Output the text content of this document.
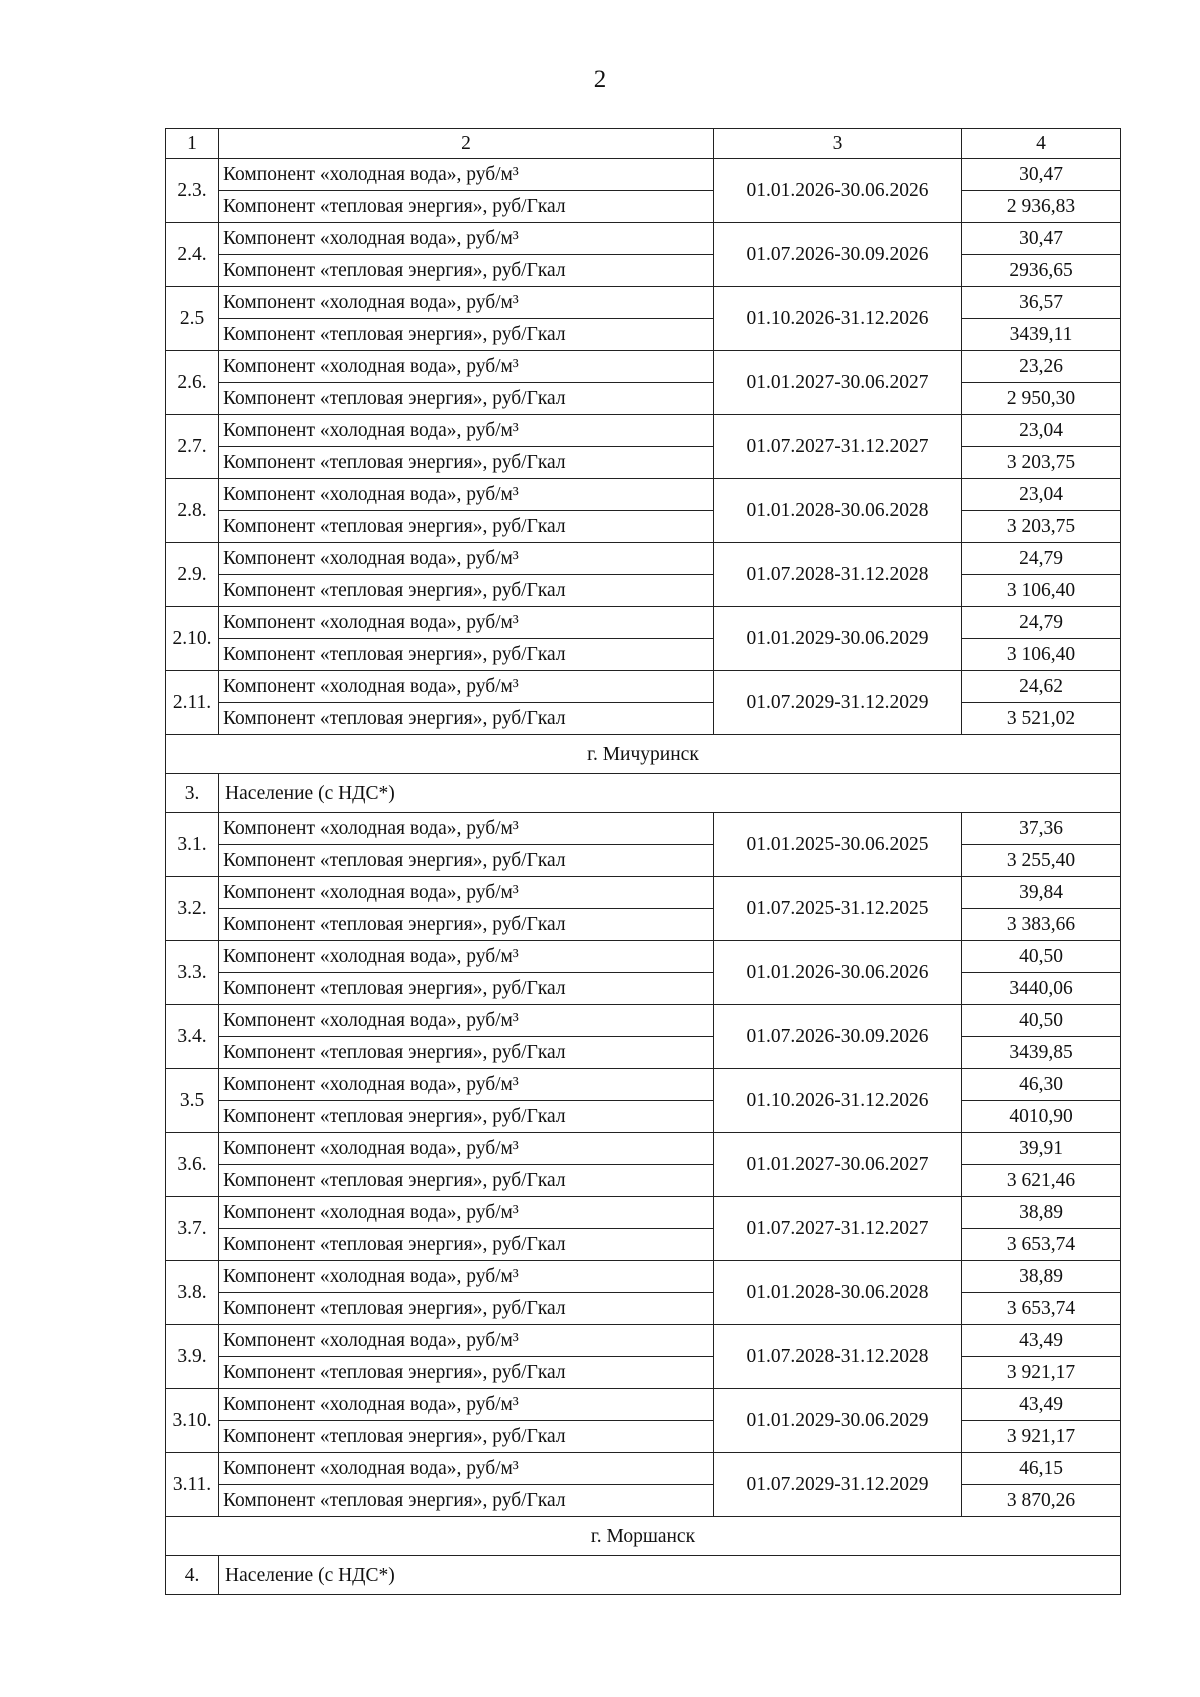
2
1	2	3	4
2.3.	Компонент «холодная вода», руб/м³	01.01.2026-30.06.2026	30,47
	Компонент «тепловая энергия», руб/Гкал		2 936,83
2.4.	Компонент «холодная вода», руб/м³	01.07.2026-30.09.2026	30,47
	Компонент «тепловая энергия», руб/Гкал		2936,65
2.5	Компонент «холодная вода», руб/м³	01.10.2026-31.12.2026	36,57
	Компонент «тепловая энергия», руб/Гкал		3439,11
2.6.	Компонент «холодная вода», руб/м³	01.01.2027-30.06.2027	23,26
	Компонент «тепловая энергия», руб/Гкал		2 950,30
2.7.	Компонент «холодная вода», руб/м³	01.07.2027-31.12.2027	23,04
	Компонент «тепловая энергия», руб/Гкал		3 203,75
2.8.	Компонент «холодная вода», руб/м³	01.01.2028-30.06.2028	23,04
	Компонент «тепловая энергия», руб/Гкал		3 203,75
2.9.	Компонент «холодная вода», руб/м³	01.07.2028-31.12.2028	24,79
	Компонент «тепловая энергия», руб/Гкал		3 106,40
2.10.	Компонент «холодная вода», руб/м³	01.01.2029-30.06.2029	24,79
	Компонент «тепловая энергия», руб/Гкал		3 106,40
2.11.	Компонент «холодная вода», руб/м³	01.07.2029-31.12.2029	24,62
	Компонент «тепловая энергия», руб/Гкал		3 521,02
г. Мичуринск			
3.	Население (с НДС*)		
3.1.	Компонент «холодная вода», руб/м³	01.01.2025-30.06.2025	37,36
	Компонент «тепловая энергия», руб/Гкал		3 255,40
3.2.	Компонент «холодная вода», руб/м³	01.07.2025-31.12.2025	39,84
	Компонент «тепловая энергия», руб/Гкал		3 383,66
3.3.	Компонент «холодная вода», руб/м³	01.01.2026-30.06.2026	40,50
	Компонент «тепловая энергия», руб/Гкал		3440,06
3.4.	Компонент «холодная вода», руб/м³	01.07.2026-30.09.2026	40,50
	Компонент «тепловая энергия», руб/Гкал		3439,85
3.5	Компонент «холодная вода», руб/м³	01.10.2026-31.12.2026	46,30
	Компонент «тепловая энергия», руб/Гкал		4010,90
3.6.	Компонент «холодная вода», руб/м³	01.01.2027-30.06.2027	39,91
	Компонент «тепловая энергия», руб/Гкал		3 621,46
3.7.	Компонент «холодная вода», руб/м³	01.07.2027-31.12.2027	38,89
	Компонент «тепловая энергия», руб/Гкал		3 653,74
3.8.	Компонент «холодная вода», руб/м³	01.01.2028-30.06.2028	38,89
	Компонент «тепловая энергия», руб/Гкал		3 653,74
3.9.	Компонент «холодная вода», руб/м³	01.07.2028-31.12.2028	43,49
	Компонент «тепловая энергия», руб/Гкал		3 921,17
3.10.	Компонент «холодная вода», руб/м³	01.01.2029-30.06.2029	43,49
	Компонент «тепловая энергия», руб/Гкал		3 921,17
3.11.	Компонент «холодная вода», руб/м³	01.07.2029-31.12.2029	46,15
	Компонент «тепловая энергия», руб/Гкал		3 870,26
г. Моршанск			
4.	Население (с НДС*)		
